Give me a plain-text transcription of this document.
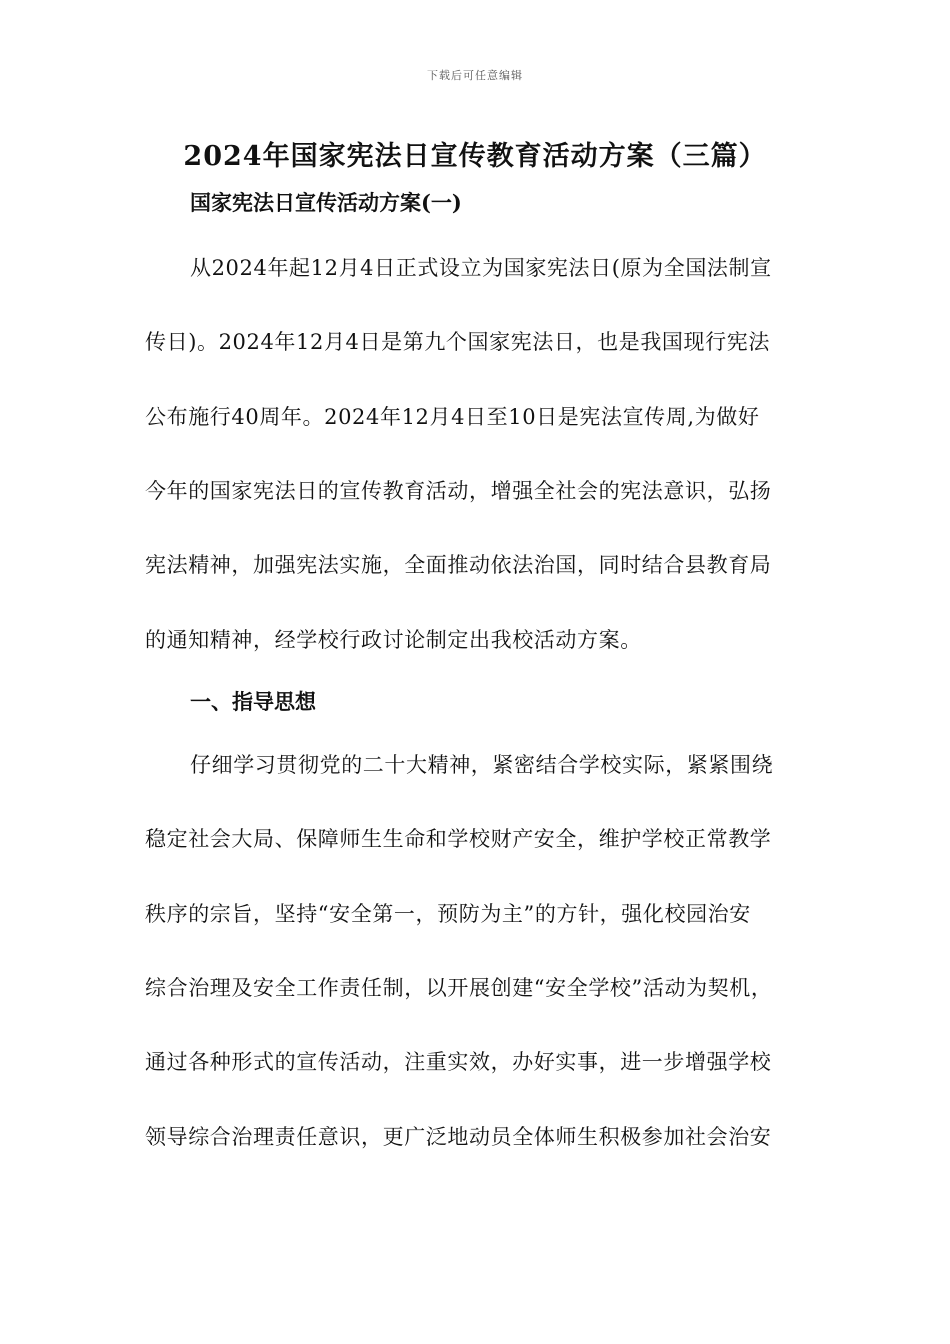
下载后可任意编辑
2024年国家宪法日宣传教育活动方案（三篇）
国家宪法日宣传活动方案(一)
从2024年起12月4日正式设立为国家宪法日(原为全国法制宣
传日)。2024年12月4日是第九个国家宪法日，也是我国现行宪法
公布施行40周年。2024年12月4日至10日是宪法宣传周,为做好
今年的国家宪法日的宣传教育活动，增强全社会的宪法意识，弘扬
宪法精神，加强宪法实施，全面推动依法治国，同时结合县教育局
的通知精神，经学校行政讨论制定出我校活动方案。
一、指导思想
仔细学习贯彻党的二十大精神，紧密结合学校实际，紧紧围绕
稳定社会大局、保障师生生命和学校财产安全，维护学校正常教学
秩序的宗旨，坚持“安全第一，预防为主”的方针，强化校园治安
综合治理及安全工作责任制，以开展创建“安全学校”活动为契机，
通过各种形式的宣传活动，注重实效，办好实事，进一步增强学校
领导综合治理责任意识，更广泛地动员全体师生积极参加社会治安
